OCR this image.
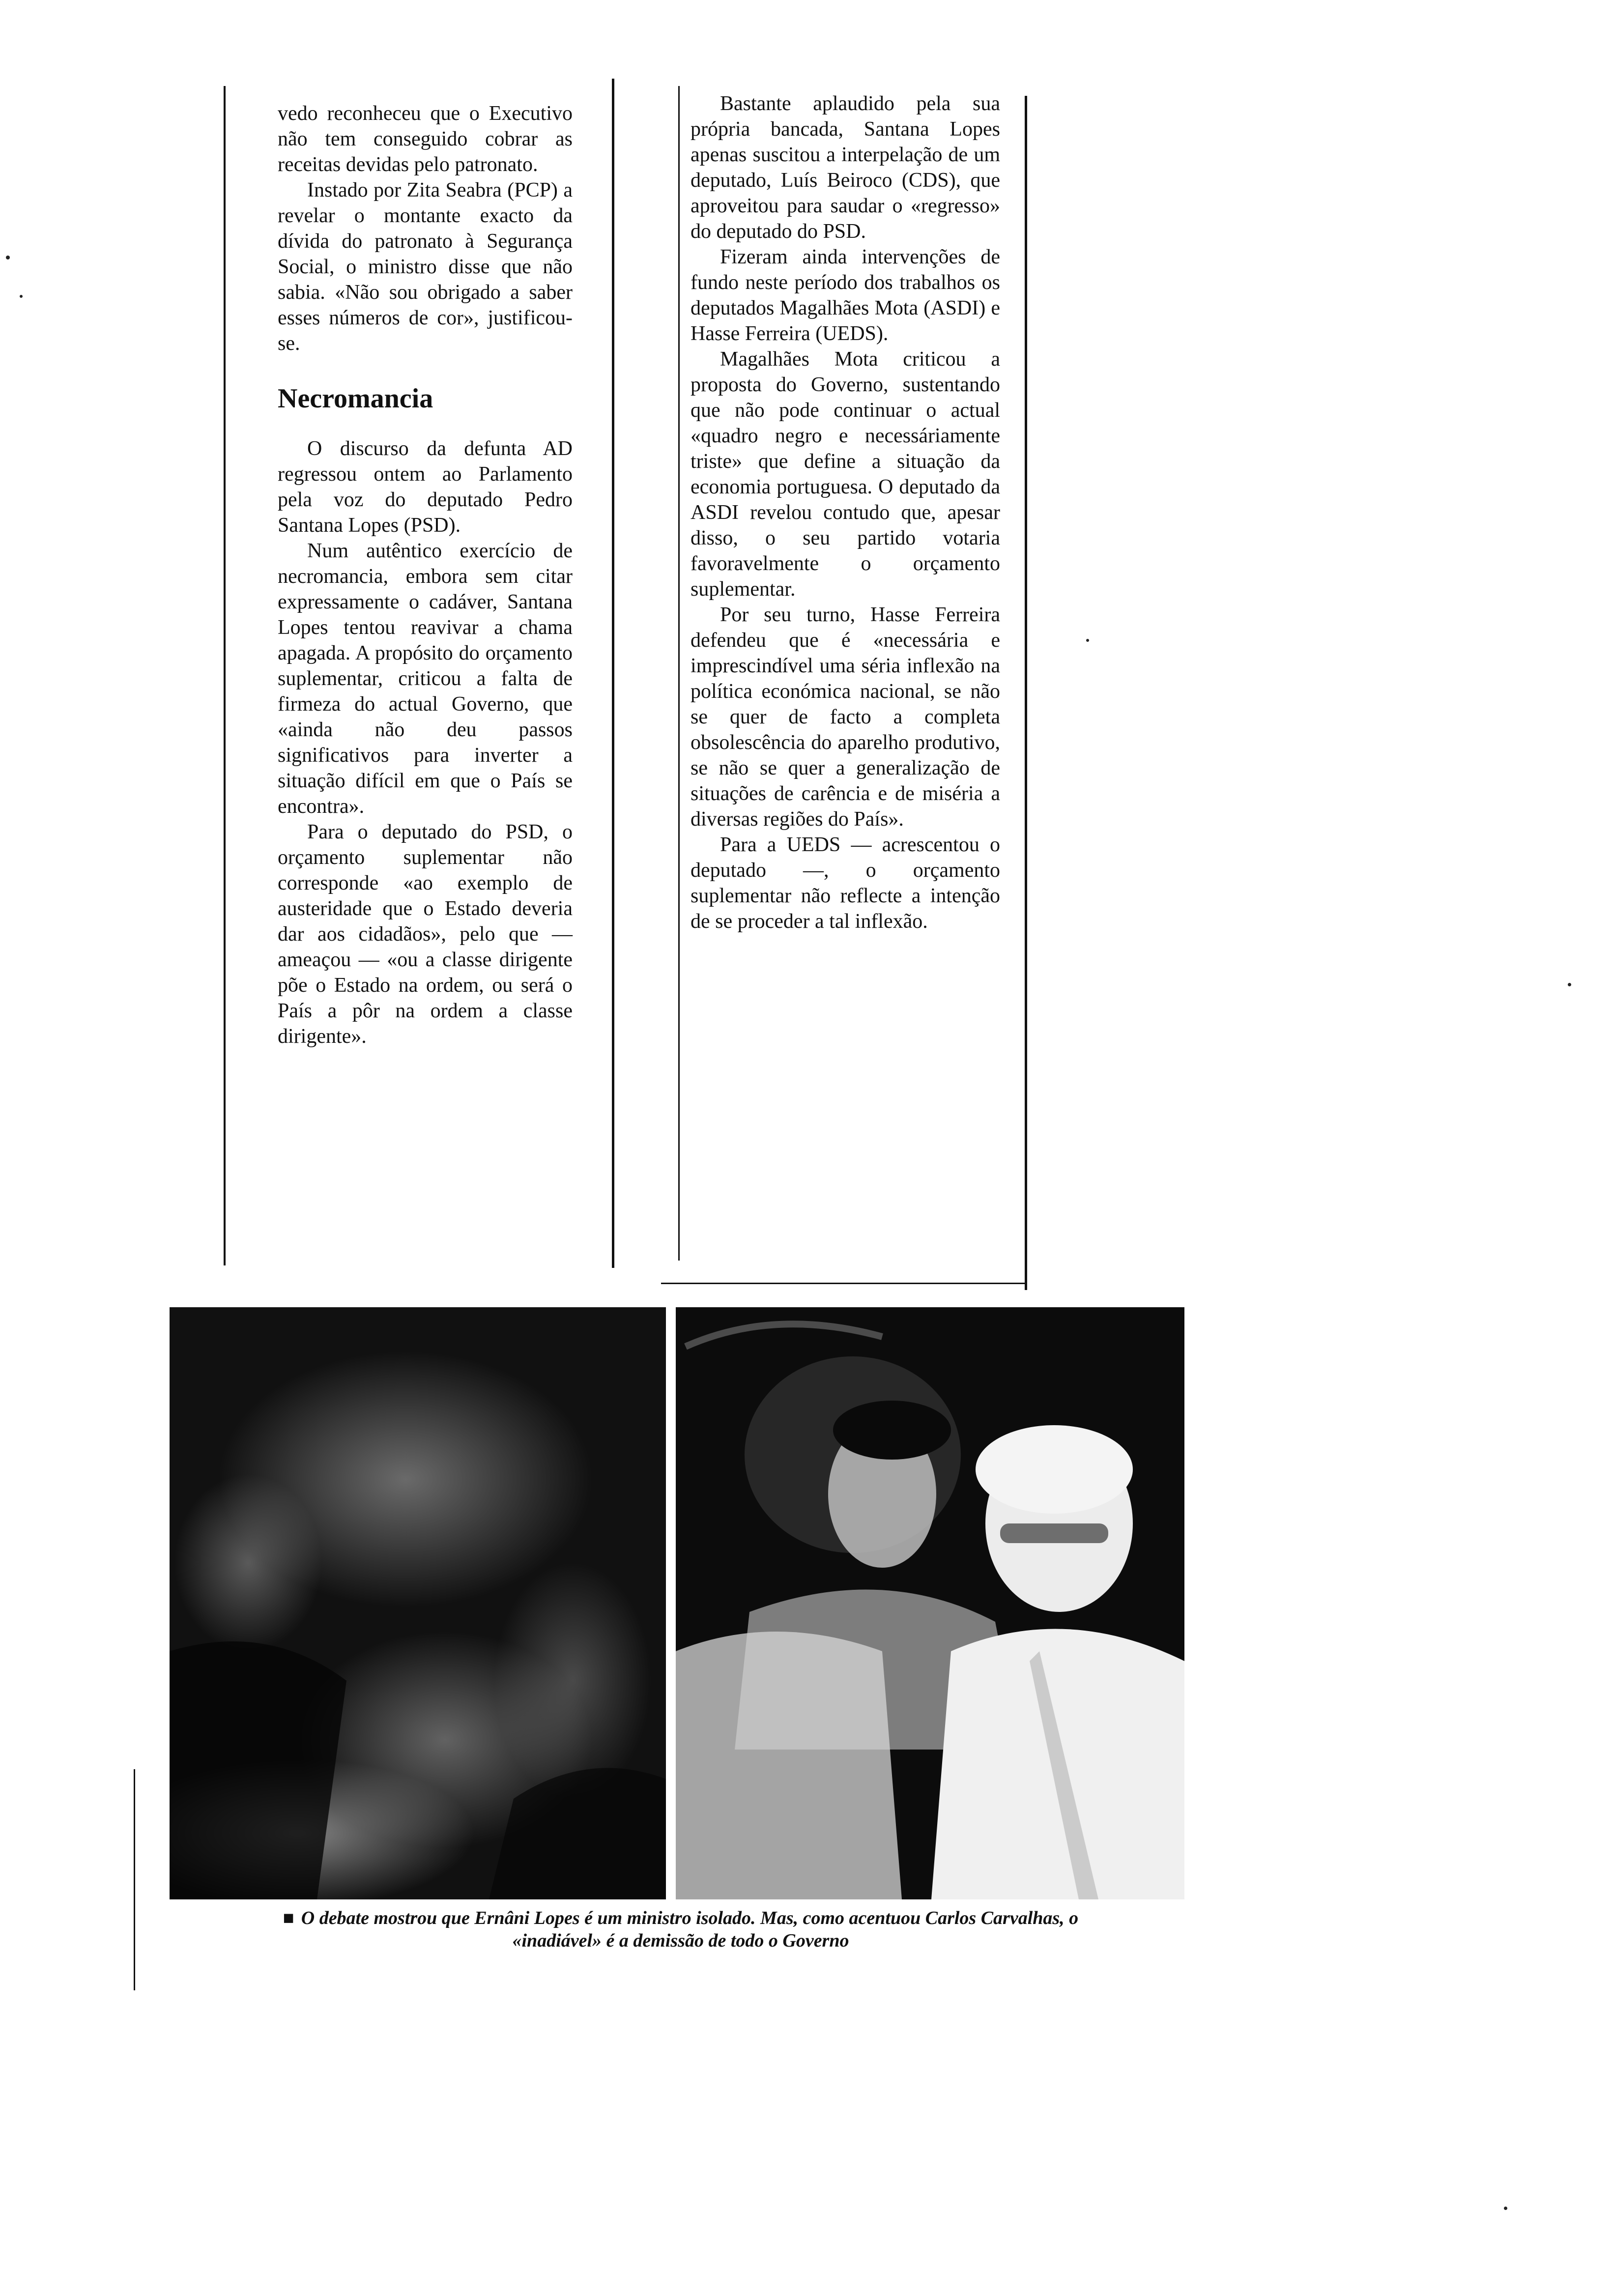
vedo reconheceu que o Executivo não tem conseguido cobrar as receitas devidas pelo patronato.

Instado por Zita Seabra (PCP) a revelar o montante exacto da dívida do patronato à Segurança Social, o ministro disse que não sabia. «Não sou obrigado a saber esses números de cor», justificou-se.

Necromancia

O discurso da defunta AD regressou ontem ao Parlamento pela voz do deputado Pedro Santana Lopes (PSD).

Num autêntico exercício de necromancia, embora sem citar expressamente o cadáver, Santana Lopes tentou reavivar a chama apagada. A propósito do orçamento suplementar, criticou a falta de firmeza do actual Governo, que «ainda não deu passos significativos para inverter a situação difícil em que o País se encontra».

Para o deputado do PSD, o orçamento suplementar não corresponde «ao exemplo de austeridade que o Estado deveria dar aos cidadãos», pelo que — ameaçou — «ou a classe dirigente põe o Estado na ordem, ou será o País a pôr na ordem a classe dirigente».

Bastante aplaudido pela sua própria bancada, Santana Lopes apenas suscitou a interpelação de um deputado, Luís Beiroco (CDS), que aproveitou para saudar o «regresso» do deputado do PSD.

Fizeram ainda intervenções de fundo neste período dos trabalhos os deputados Magalhães Mota (ASDI) e Hasse Ferreira (UEDS).

Magalhães Mota criticou a proposta do Governo, sustentando que não pode continuar o actual «quadro negro e necessáriamente triste» que define a situação da economia portuguesa. O deputado da ASDI revelou contudo que, apesar disso, o seu partido votaria favoravelmente o orçamento suplementar.

Por seu turno, Hasse Ferreira defendeu que é «necessária e imprescindível uma séria inflexão na política económica nacional, se não se quer de facto a completa obsolescência do aparelho produtivo, se não se quer a generalização de situações de carência e de miséria a diversas regiões do País».

Para a UEDS — acrescentou o deputado —, o orçamento suplementar não reflecte a intenção de se proceder a tal inflexão.

■ O debate mostrou que Ernâni Lopes é um ministro isolado. Mas, como acentuou Carlos Carvalhas, o
«inadiável» é a demissão de todo o Governo
